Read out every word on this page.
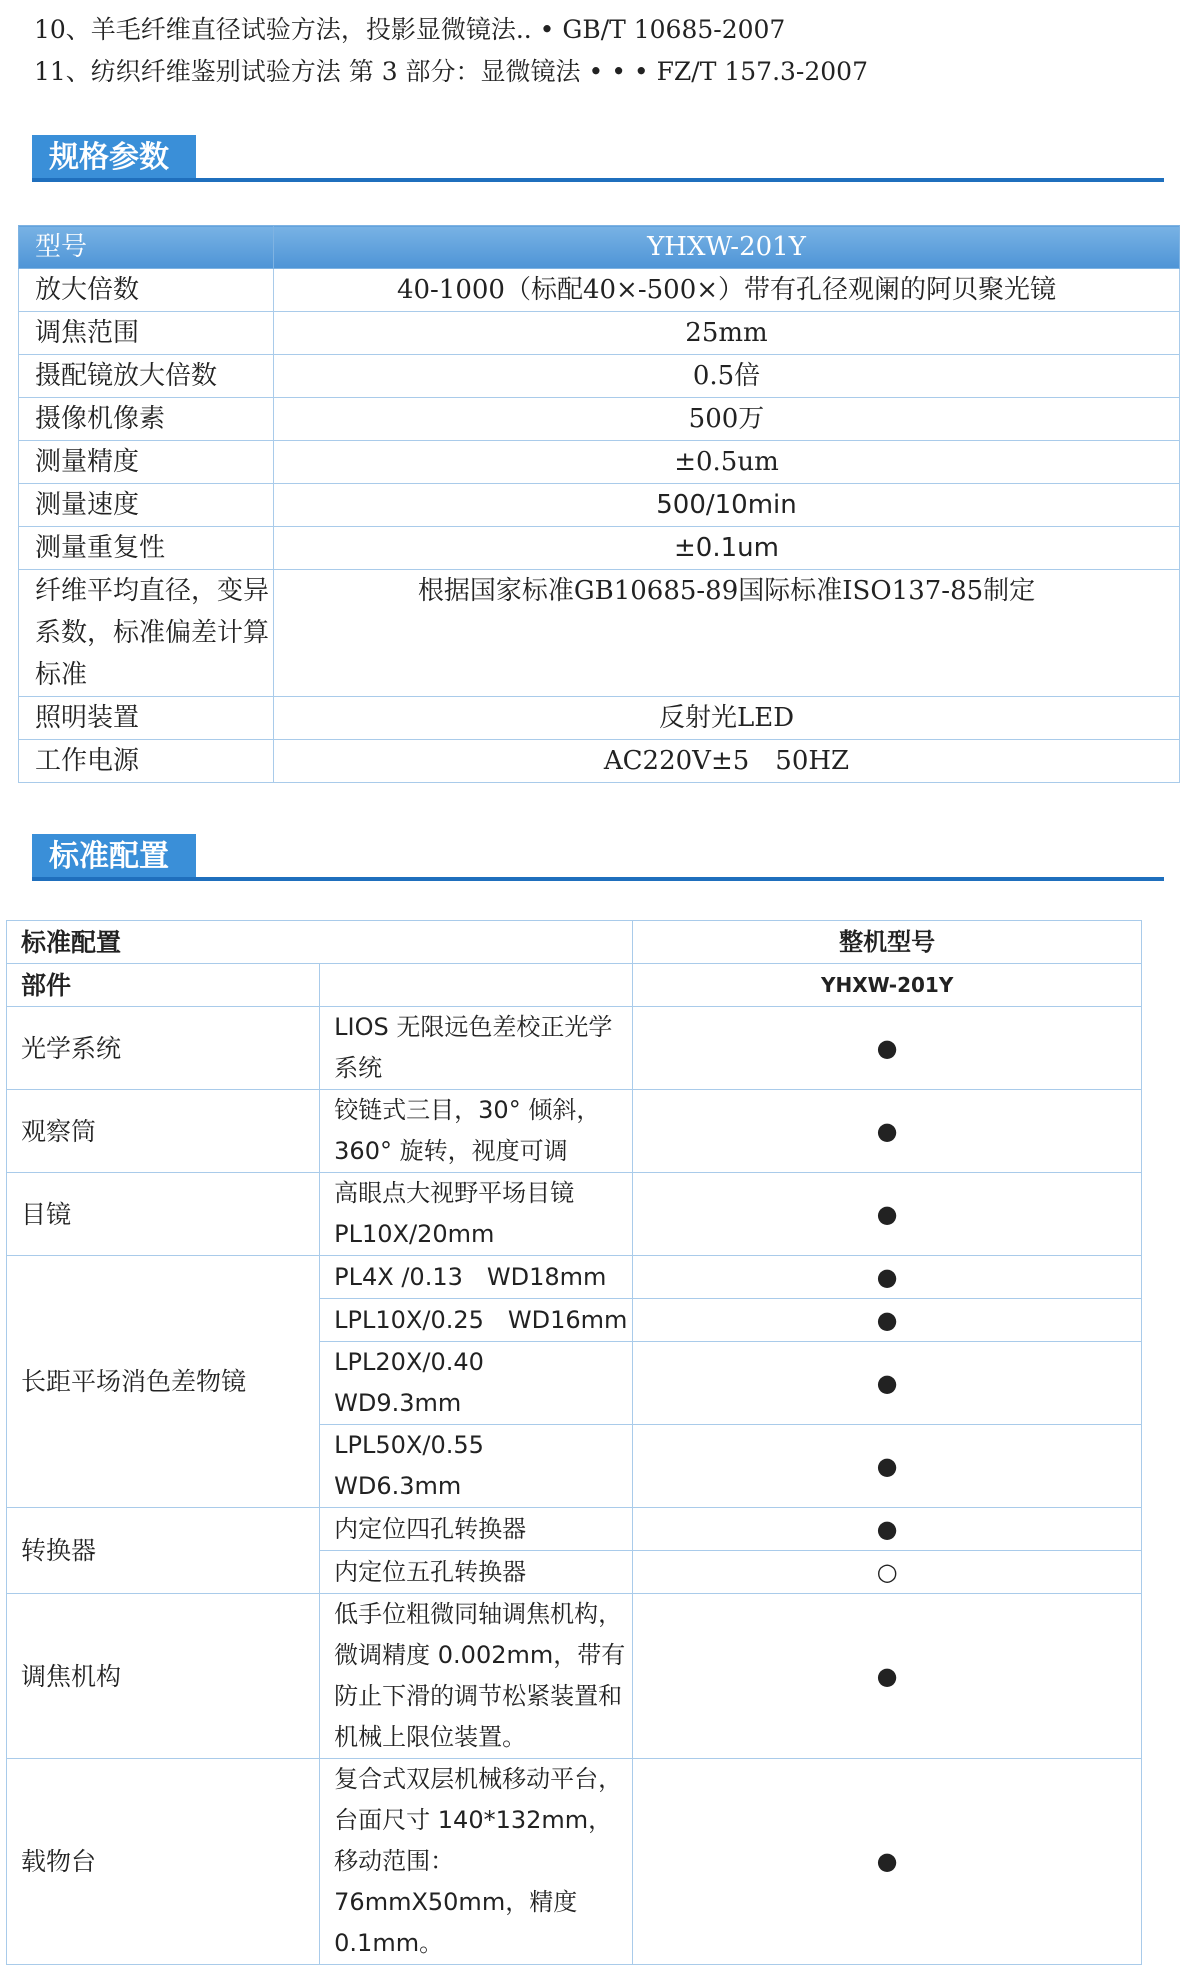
10、羊毛纤维直径试验方法，投影显微镜法.. • GB/T 10685-2007
11、纺织纤维鉴别试验方法 第 3 部分：显微镜法 • • • FZ/T 157.3-2007
规格参数
型号	YHXW-201Y
放大倍数	40-1000（标配40×-500×）带有孔径观阑的阿贝聚光镜
调焦范围	25mm
摄配镜放大倍数	0.5倍
摄像机像素	500万
测量精度	±0.5um
测量速度	500/10min
测量重复性	±0.1um
纤维平均直径，变异系数，标准偏差计算标准	根据国家标准GB10685-89国际标准ISO137-85制定
照明装置	反射光LED
工作电源	AC220V±5　50HZ
标准配置
标准配置		整机型号
部件		YHXW-201Y
光学系统	LIOS 无限远色差校正光学系统	●
观察筒	铰链式三目，30° 倾斜，360° 旋转，视度可调	●
目镜	高眼点大视野平场目镜 PL10X/20mm	●
长距平场消色差物镜	PL4X /0.13　WD18mm	●
	LPL10X/0.25　WD16mm	●
	LPL20X/0.40　WD9.3mm	●
	LPL50X/0.55　WD6.3mm	●
转换器	内定位四孔转换器	●
	内定位五孔转换器	○
调焦机构	低手位粗微同轴调焦机构，微调精度 0.002mm，带有防止下滑的调节松紧装置和机械上限位装置。	●
载物台	复合式双层机械移动平台，台面尺寸 140*132mm，移动范围：76mmX50mm，精度 0.1mm。	●
